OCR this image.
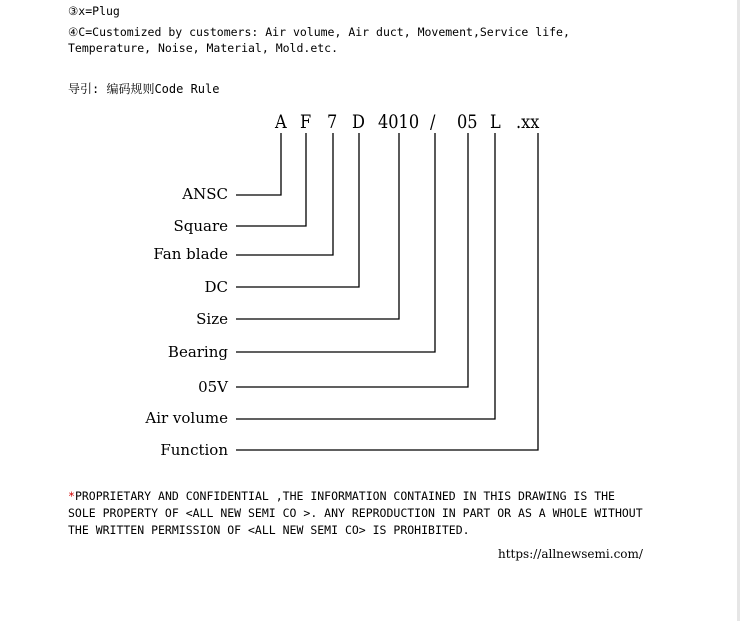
③x=Plug
④C=Customized by customers: Air volume, Air duct, Movement,Service life,
Temperature, Noise, Material, Mold.etc.
导引: 编码规则Code Rule
A F 7 D 4010 / 05 L .xx
ANSC
Square
Fan blade
DC
Size
Bearing
05V
Air volume
Function
*PROPRIETARY AND CONFIDENTIAL ,THE INFORMATION CONTAINED IN THIS DRAWING IS THE
SOLE PROPERTY OF <ALL NEW SEMI CO >. ANY REPRODUCTION IN PART OR AS A WHOLE WITHOUT
THE WRITTEN PERMISSION OF <ALL NEW SEMI CO> IS PROHIBITED.
https://allnewsemi.com/
